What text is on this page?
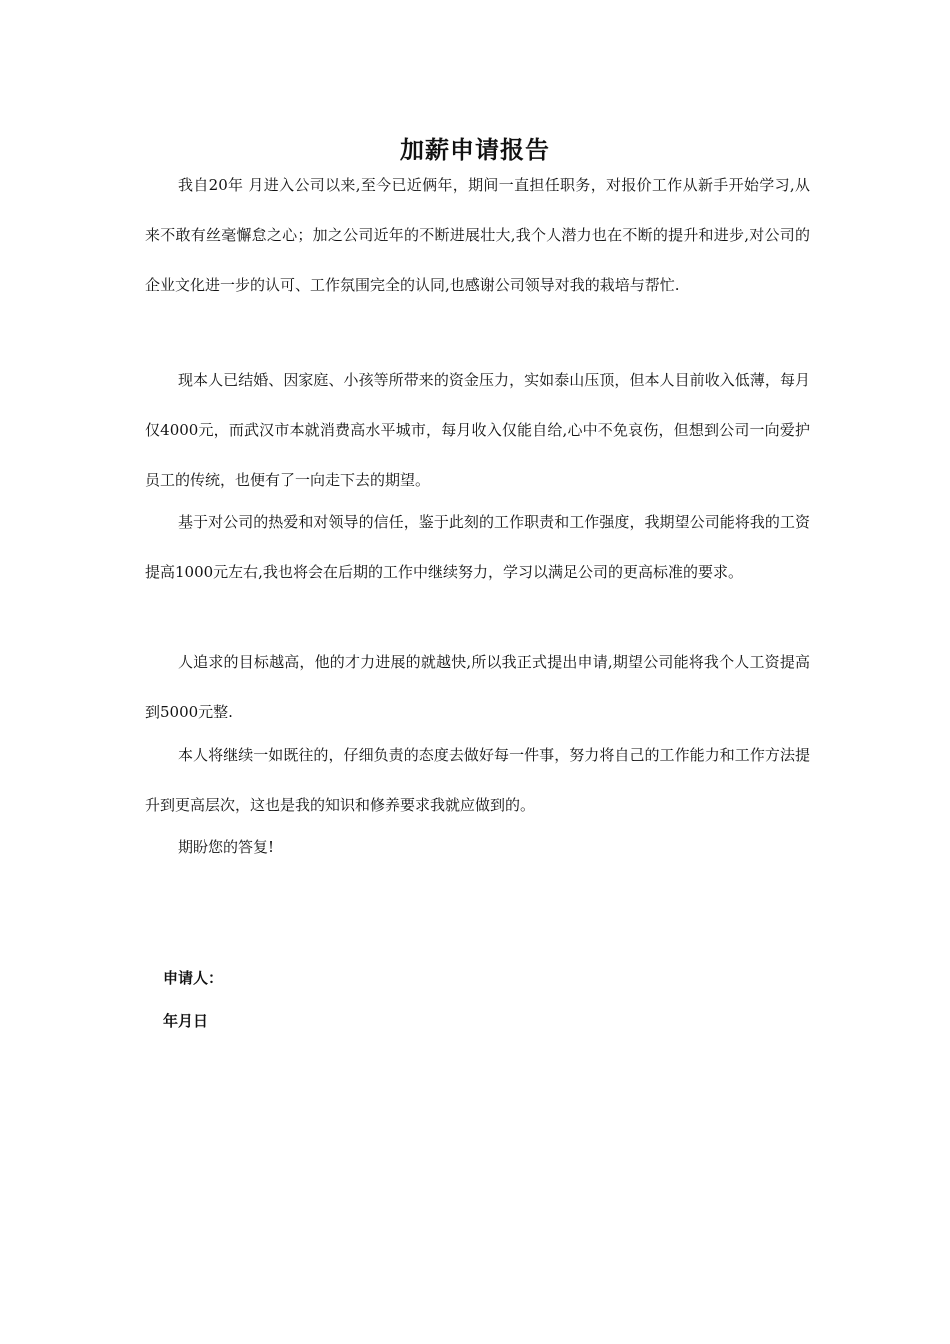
加薪申请报告

我自20年 月进入公司以来,至今已近俩年，期间一直担任职务，对报价工作从新手开始学习,从来不敢有丝毫懈怠之心；加之公司近年的不断进展壮大,我个人潜力也在不断的提升和进步,对公司的企业文化进一步的认可、工作氛围完全的认同,也感谢公司领导对我的栽培与帮忙.

现本人已结婚、因家庭、小孩等所带来的资金压力，实如泰山压顶，但本人目前收入低薄，每月仅4000元，而武汉市本就消费高水平城市，每月收入仅能自给,心中不免哀伤，但想到公司一向爱护员工的传统，也便有了一向走下去的期望。

基于对公司的热爱和对领导的信任，鉴于此刻的工作职责和工作强度，我期望公司能将我的工资提高1000元左右,我也将会在后期的工作中继续努力，学习以满足公司的更高标准的要求。

人追求的目标越高，他的才力进展的就越快,所以我正式提出申请,期望公司能将我个人工资提高到5000元整.

本人将继续一如既往的，仔细负责的态度去做好每一件事，努力将自己的工作能力和工作方法提升到更高层次，这也是我的知识和修养要求我就应做到的。

期盼您的答复!

申请人：
年月日
